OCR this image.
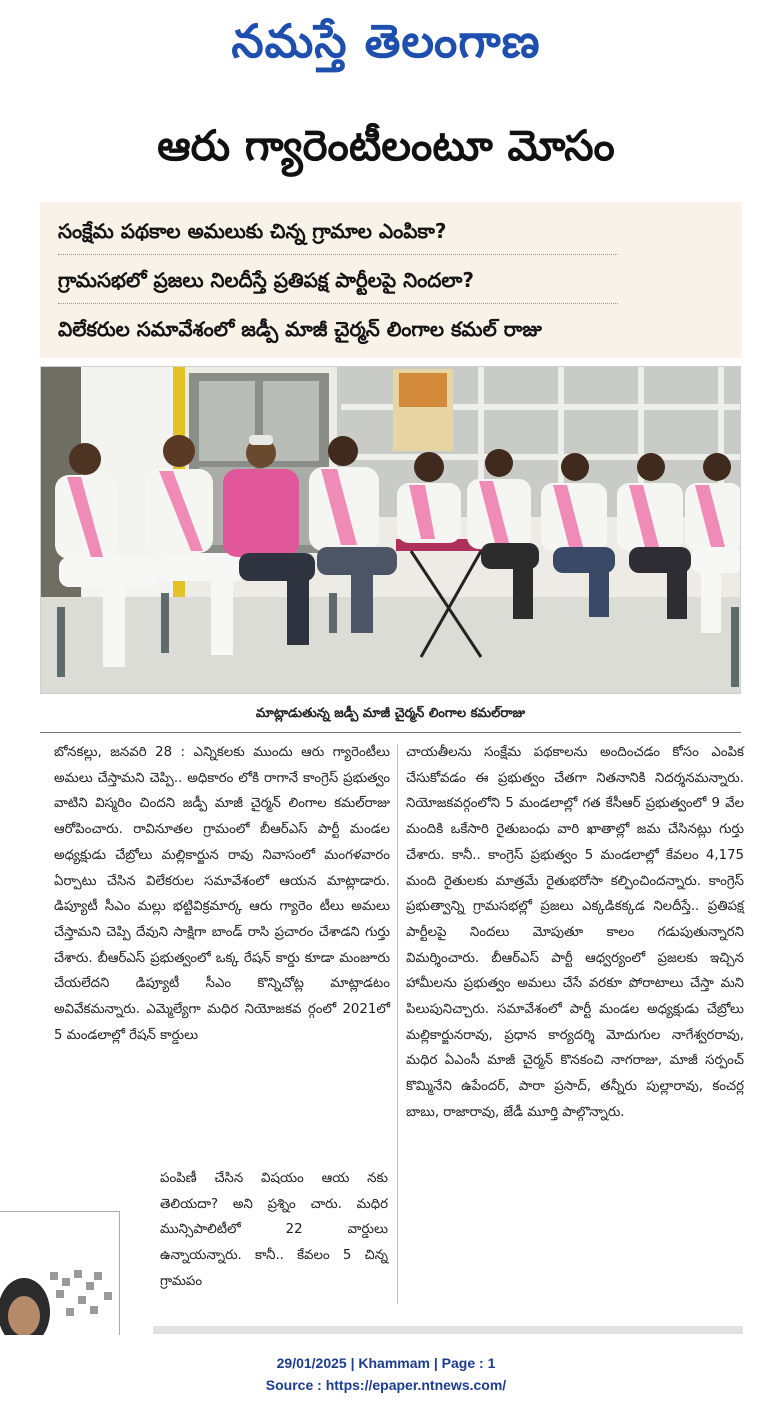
నమస్తే తెలంగాణ
ఆరు గ్యారెంటీలంటూ మోసం
సంక్షేమ పథకాల అమలుకు చిన్న గ్రామాల ఎంపికా?
గ్రామసభలో ప్రజలు నిలదీస్తే ప్రతిపక్ష పార్టీలపై నిందలా?
విలేకరుల సమావేశంలో జడ్పీ మాజీ చైర్మన్ లింగాల కమల్ రాజు
మాట్లాడుతున్న జడ్పీ మాజీ చైర్మన్ లింగాల కమల్‌రాజు

బోనకల్లు, జనవరి 28 : ఎన్నికలకు ముందు ఆరు గ్యారెంటీలు అమలు చేస్తామని చెప్పి.. అధికారం లోకి రాగానే కాంగ్రెస్ ప్రభుత్వం వాటిని విస్మరిం చిందని జడ్పీ మాజీ చైర్మన్ లింగాల కమల్‌రాజు ఆరోపించారు. రావినూతల గ్రామంలో బీఆర్‌ఎస్ పార్టీ మండల అధ్యక్షుడు చేబ్రోలు మల్లికార్జున రావు నివాసంలో మంగళవారం ఏర్పాటు చేసిన విలేకరుల సమావేశంలో ఆయన మాట్లాడారు. డిప్యూటీ సీఎం మల్లు భట్టివిక్రమార్క ఆరు గ్యారెం టీలు అమలు చేస్తామని చెప్పి దేవుని సాక్షిగా బాండ్ రాసి ప్రచారం చేశాడని గుర్తు చేశారు. బీఆర్‌ఎస్ ప్రభుత్వంలో ఒక్క రేషన్ కార్డు కూడా మంజూరు చేయలేదని డిప్యూటీ సీఎం కొన్నిచోట్ల మాట్లాడటం అవివేకమన్నారు. ఎమ్మెల్యేగా మధిర నియోజకవ ర్గంలో 2021లో 5 మండలాల్లో రేషన్ కార్డులు

పంపిణీ చేసిన విషయం ఆయ నకు తెలియదా? అని ప్రశ్నిం చారు. మధిర మున్సిపాలిటీలో 22 వార్డులు ఉన్నాయన్నారు. కానీ.. కేవలం 5 చిన్న గ్రామపం

చాయతీలను సంక్షేమ పథకాలను అందించడం కోసం ఎంపిక చేసుకోవడం ఈ ప్రభుత్వం చేతగా నితనానికి నిదర్శనమన్నారు. నియోజకవర్గంలోని 5 మండలాల్లో గత కేసీఆర్ ప్రభుత్వంలో 9 వేల మందికి ఒకేసారి రైతుబంధు వారి ఖాతాల్లో జమ చేసినట్లు గుర్తు చేశారు. కానీ.. కాంగ్రెస్ ప్రభుత్వం 5 మండలాల్లో కేవలం 4,175 మంది రైతులకు మాత్రమే రైతుభరోసా కల్పించిందన్నారు. కాంగ్రెస్ ప్రభుత్వాన్ని గ్రామసభల్లో ప్రజలు ఎక్కడికక్కడ నిలదీస్తే.. ప్రతిపక్ష పార్టీలపై నిందలు మోపుతూ కాలం గడుపుతున్నారని విమర్శించారు. బీఆర్‌ఎస్ పార్టీ ఆధ్వర్యంలో ప్రజలకు ఇచ్చిన హామీలను ప్రభుత్వం అమలు చేసే వరకూ పోరాటాలు చేస్తా మని పిలుపునిచ్చారు. సమావేశంలో పార్టీ మండల అధ్యక్షుడు చేబ్రోలు మల్లికార్జునరావు, ప్రధాన కార్యదర్శి మోదుగుల నాగేశ్వరరావు, మధిర ఏఎంసీ మాజీ చైర్మన్ కొనకంచి నాగరాజు, మాజీ సర్పంచ్ కొమ్మినేని ఉపేందర్, పారా ప్రసాద్, తన్నీరు పుల్లారావు, కంచర్ల బాబు, రాజారావు, జేడీ మూర్తి పాల్గొన్నారు.

29/01/2025 | Khammam | Page : 1
Source : https://epaper.ntnews.com/
